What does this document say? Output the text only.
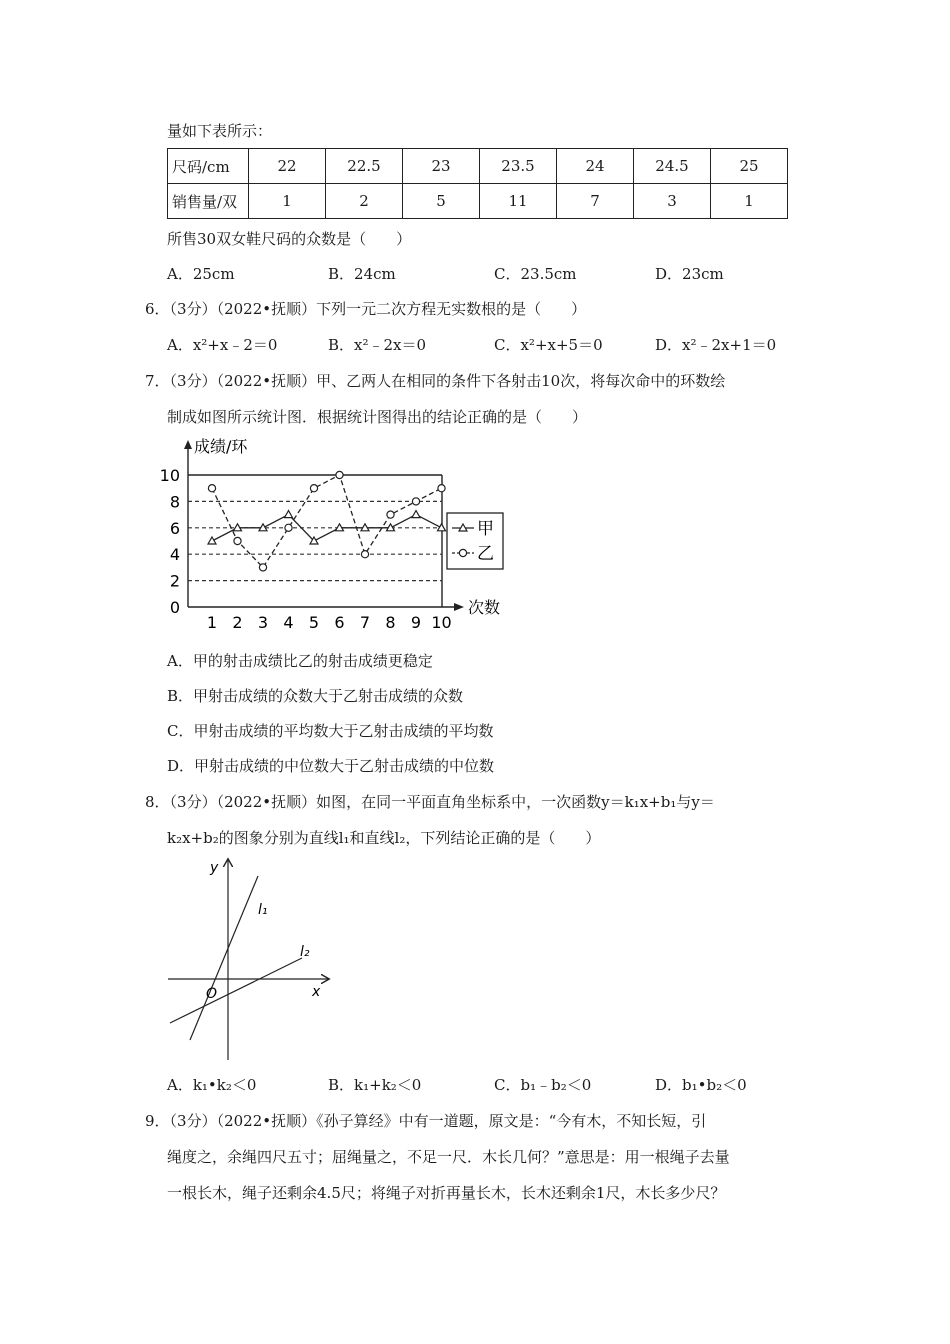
量如下表所示：
尺码/cm	22	22.5	23	23.5	24	24.5	25
销售量/双	1	2	5	11	7	3	1
所售30双女鞋尺码的众数是（　　）
A．25cm	B．24cm	C．23.5cm	D．23cm
6．（3分）（2022•抚顺）下列一元二次方程无实数根的是（　　）
A．x²+x﹣2＝0	B．x²﹣2x＝0	C．x²+x+5＝0	D．x²﹣2x+1＝0
7．（3分）（2022•抚顺）甲、乙两人在相同的条件下各射击10次，将每次命中的环数绘
制成如图所示统计图．根据统计图得出的结论正确的是（　　）
0
2
4
6
8
10
1 2 3 4 5 6 7 8 9 10
成绩/环
次数
甲
乙
A．甲的射击成绩比乙的射击成绩更稳定
B．甲射击成绩的众数大于乙射击成绩的众数
C．甲射击成绩的平均数大于乙射击成绩的平均数
D．甲射击成绩的中位数大于乙射击成绩的中位数
8．（3分）（2022•抚顺）如图，在同一平面直角坐标系中，一次函数y＝k₁x+b₁与y＝
k₂x+b₂的图象分别为直线l₁和直线l₂，下列结论正确的是（　　）
y
x
O
l₁
l₂
A．k₁•k₂＜0	B．k₁+k₂＜0	C．b₁﹣b₂＜0	D．b₁•b₂＜0
9．（3分）（2022•抚顺）《孙子算经》中有一道题，原文是：“今有木，不知长短，引
绳度之，余绳四尺五寸；屈绳量之，不足一尺．木长几何？”意思是：用一根绳子去量
一根长木，绳子还剩余4.5尺；将绳子对折再量长木，长木还剩余1尺，木长多少尺？
